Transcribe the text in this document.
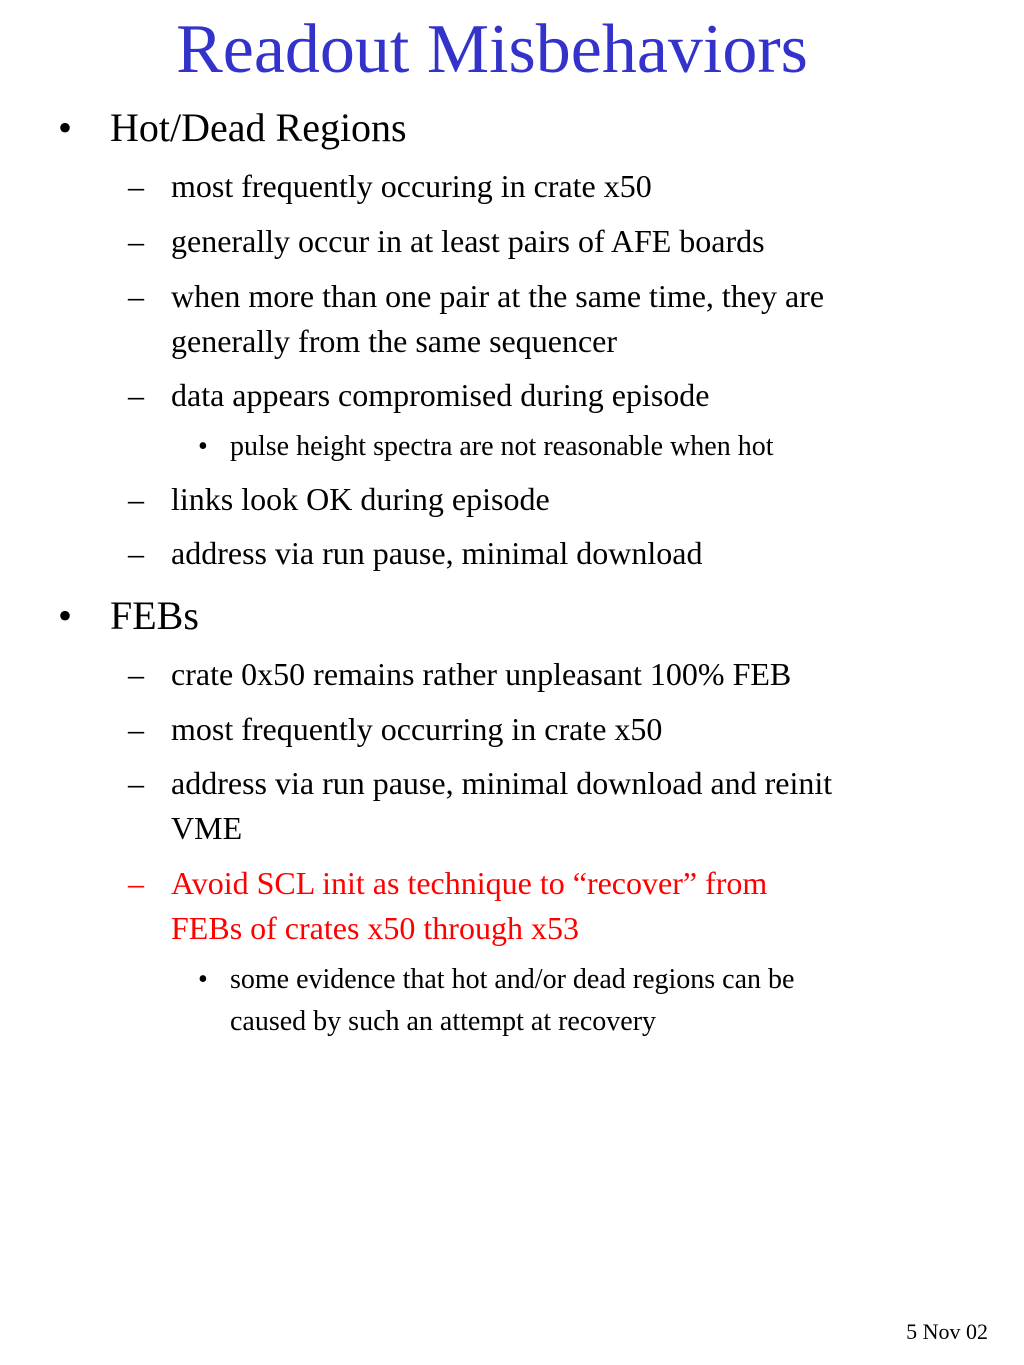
Readout Misbehaviors
• Hot/Dead Regions
– most frequently occuring in crate x50
– generally occur in at least pairs of AFE boards
– when more than one pair at the same time, they are
generally from the same sequencer
– data appears compromised during episode
• pulse height spectra are not reasonable when hot
– links look OK during episode
– address via run pause, minimal download
• FEBs
– crate 0x50 remains rather unpleasant 100% FEB
– most frequently occurring in crate x50
– address via run pause, minimal download and reinit
VME
– Avoid SCL init as technique to “recover” from
FEBs of crates x50 through x53
• some evidence that hot and/or dead regions can be
caused by such an attempt at recovery
5 Nov 02
